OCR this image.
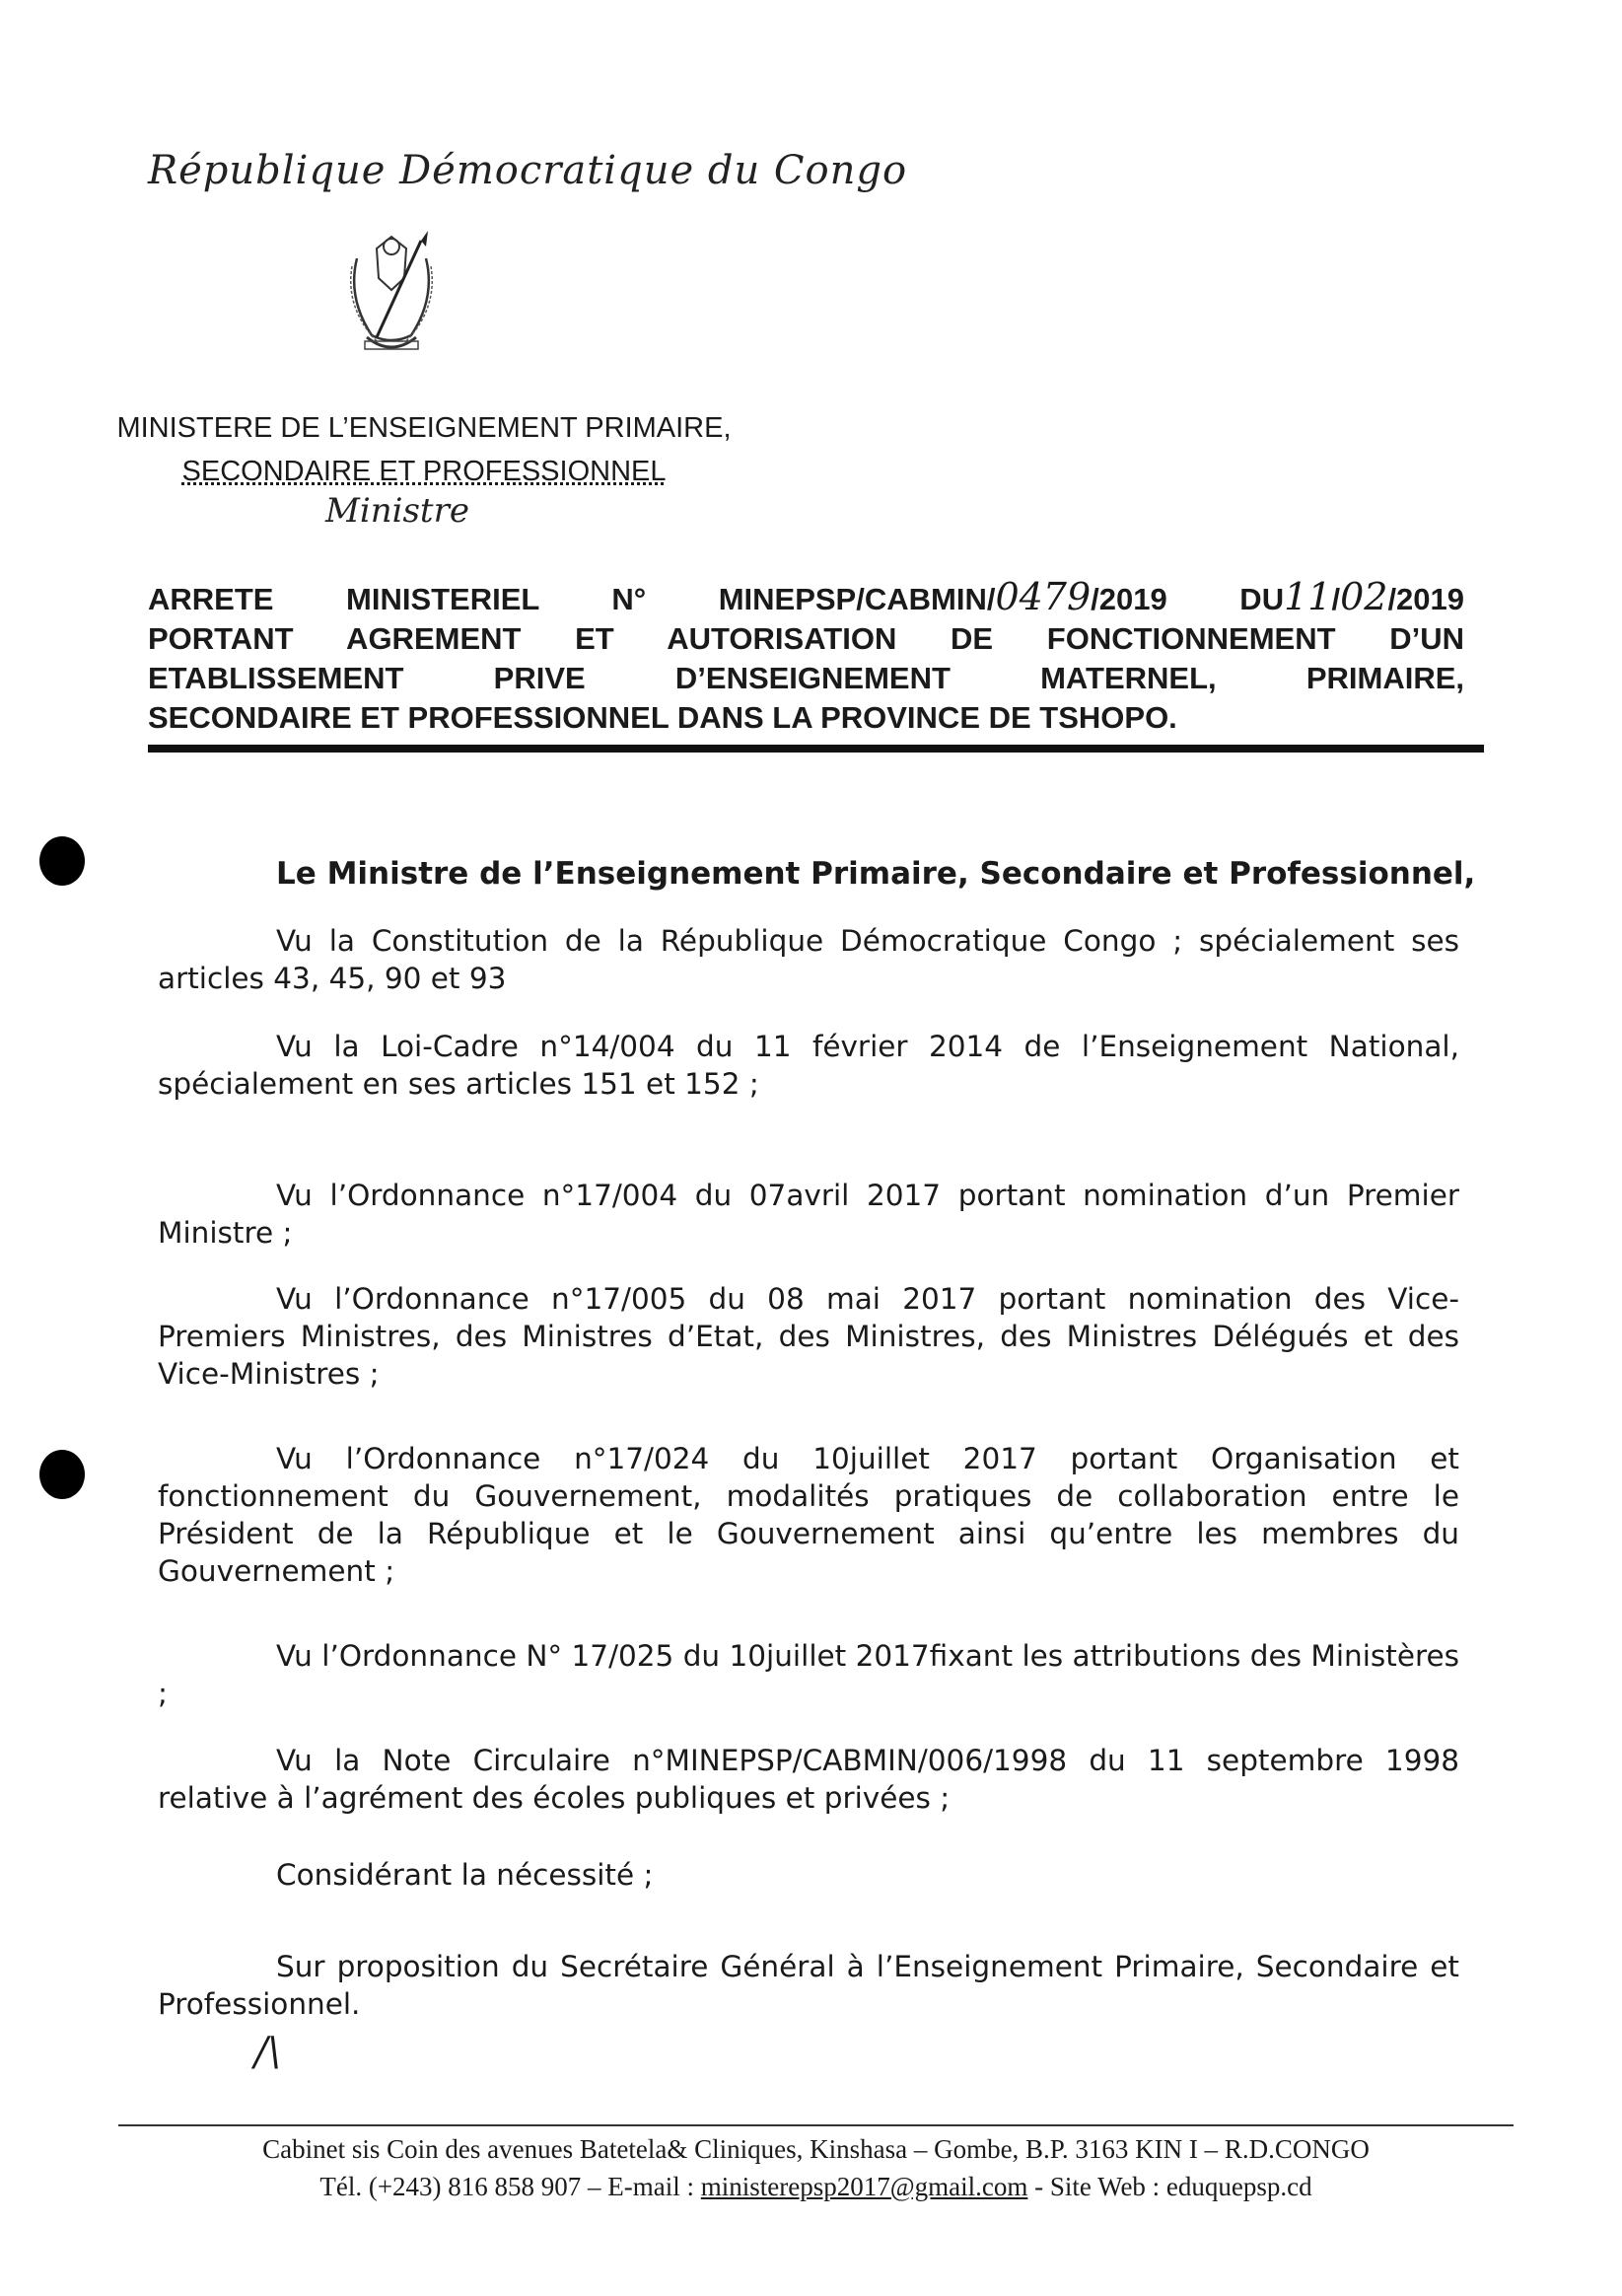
République Démocratique du Congo
MINISTERE DE L’ENSEIGNEMENT PRIMAIRE,
SECONDAIRE ET PROFESSIONNEL
Ministre
ARRETE MINISTERIEL N° MINEPSP/CABMIN/0479/2019 DU11/02/2019
PORTANT AGREMENT ET AUTORISATION DE FONCTIONNEMENT D’UN
ETABLISSEMENT PRIVE D’ENSEIGNEMENT MATERNEL, PRIMAIRE,
SECONDAIRE ET PROFESSIONNEL DANS LA PROVINCE DE TSHOPO.
Le Ministre de l’Enseignement Primaire, Secondaire et Professionnel,

Vu la Constitution de la République Démocratique Congo ; spécialement ses articles 43, 45, 90 et 93

Vu la Loi-Cadre n°14/004 du 11 février 2014 de l’Enseignement National, spécialement en ses articles 151 et 152 ;

Vu l’Ordonnance n°17/004 du 07avril 2017 portant nomination d’un Premier Ministre ;

Vu l’Ordonnance n°17/005 du 08 mai 2017 portant nomination des Vice-Premiers Ministres, des Ministres d’Etat, des Ministres, des Ministres Délégués et des Vice-Ministres ;

Vu l’Ordonnance n°17/024 du 10juillet 2017 portant Organisation et fonctionnement du Gouvernement, modalités pratiques de collaboration entre le Président de la République et le Gouvernement ainsi qu’entre les membres du Gouvernement ;

Vu l’Ordonnance N° 17/025 du 10juillet 2017fixant les attributions des Ministères ;

Vu la Note Circulaire n°MINEPSP/CABMIN/006/1998 du 11 septembre 1998 relative à l’agrément des écoles publiques et privées ;

Considérant la nécessité ;

Sur proposition du Secrétaire Général à l’Enseignement Primaire, Secondaire et Professionnel.

/\
Cabinet sis Coin des avenues Batetela& Cliniques, Kinshasa – Gombe, B.P. 3163 KIN I – R.D.CONGO
Tél. (+243) 816 858 907 – E-mail : ministerepsp2017@gmail.com - Site Web : eduquepsp.cd
